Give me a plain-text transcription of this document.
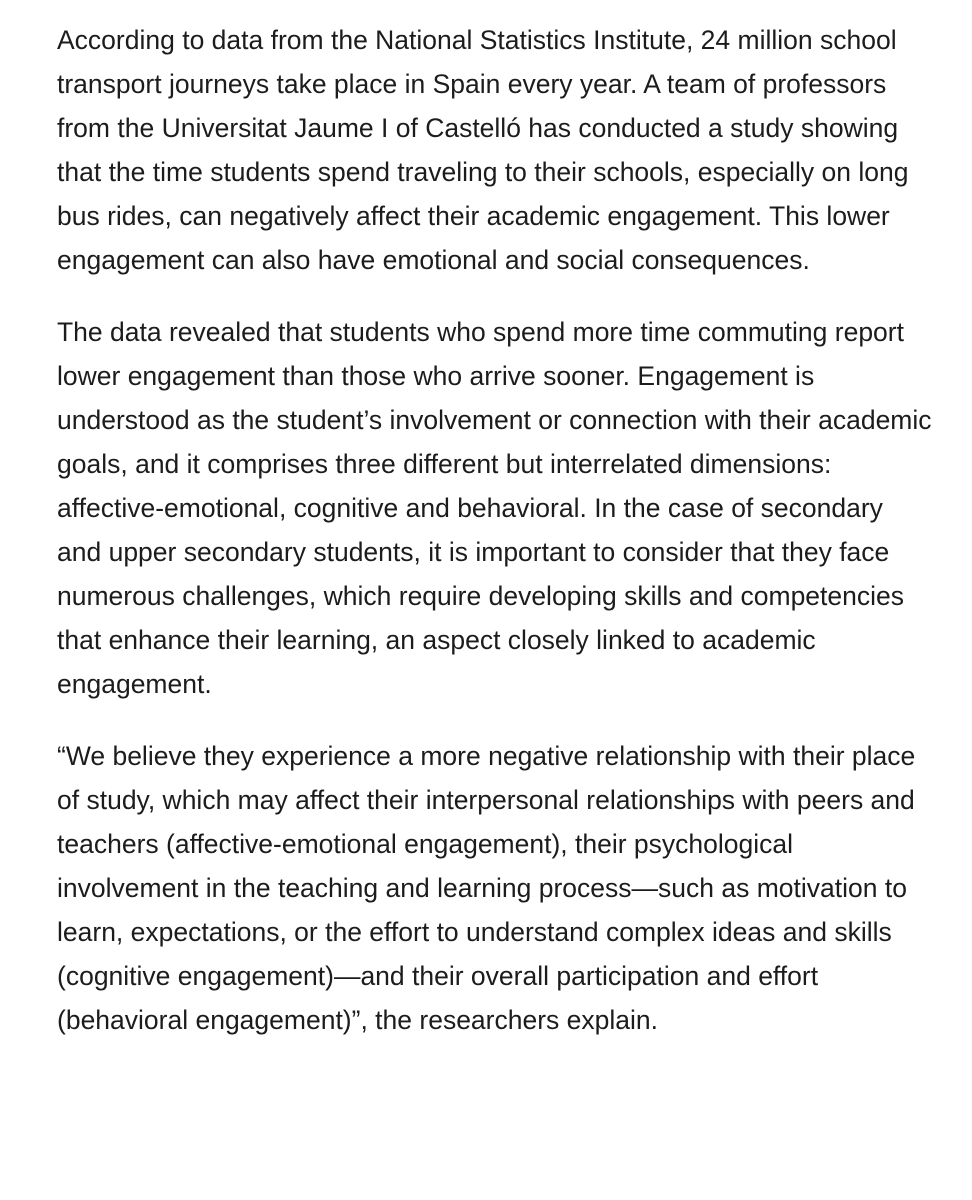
According to data from the National Statistics Institute, 24 million school transport journeys take place in Spain every year. A team of professors from the Universitat Jaume I of Castelló has conducted a study showing that the time students spend traveling to their schools, especially on long bus rides, can negatively affect their academic engagement. This lower engagement can also have emotional and social consequences.

The data revealed that students who spend more time commuting report lower engagement than those who arrive sooner. Engagement is understood as the student’s involvement or connection with their academic goals, and it comprises three different but interrelated dimensions: affective-emotional, cognitive and behavioral. In the case of secondary and upper secondary students, it is important to consider that they face numerous challenges, which require developing skills and competencies that enhance their learning, an aspect closely linked to academic engagement.

“We believe they experience a more negative relationship with their place of study, which may affect their interpersonal relationships with peers and teachers (affective-emotional engagement), their psychological involvement in the teaching and learning process—such as motivation to learn, expectations, or the effort to understand complex ideas and skills (cognitive engagement)—and their overall participation and effort (behavioral engagement)”, the researchers explain.
